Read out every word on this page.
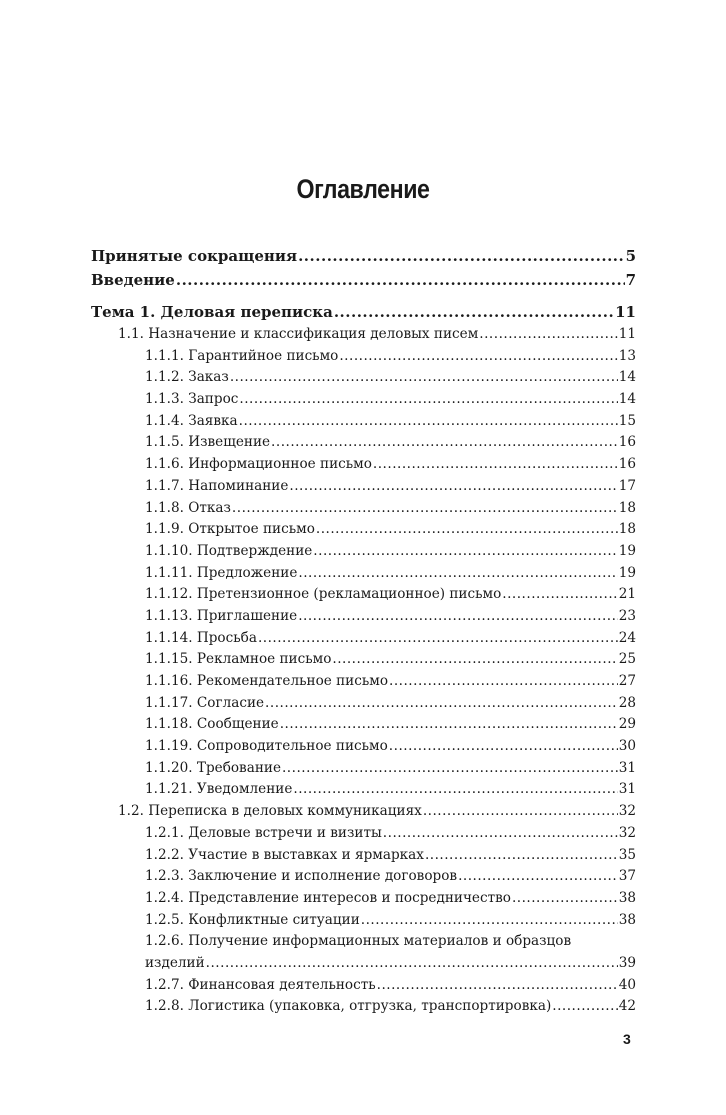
Оглавление
Принятые сокращения .....	5
Введение .....	7
Тема 1. Деловая переписка .....	11
1.1. Назначение и классификация деловых писем .....	11
1.1.1. Гарантийное письмо .....	13
1.1.2. Заказ .....	14
1.1.3. Запрос .....	14
1.1.4. Заявка .....	15
1.1.5. Извещение .....	16
1.1.6. Информационное письмо .....	16
1.1.7. Напоминание .....	17
1.1.8. Отказ .....	18
1.1.9. Открытое письмо .....	18
1.1.10. Подтверждение .....	19
1.1.11. Предложение .....	19
1.1.12. Претензионное (рекламационное) письмо .....	21
1.1.13. Приглашение .....	23
1.1.14. Просьба .....	24
1.1.15. Рекламное письмо .....	25
1.1.16. Рекомендательное письмо .....	27
1.1.17. Согласие .....	28
1.1.18. Сообщение .....	29
1.1.19. Сопроводительное письмо .....	30
1.1.20. Требование .....	31
1.1.21. Уведомление .....	31
1.2. Переписка в деловых коммуникациях .....	32
1.2.1. Деловые встречи и визиты .....	32
1.2.2. Участие в выставках и ярмарках .....	35
1.2.3. Заключение и исполнение договоров .....	37
1.2.4. Представление интересов и посредничество .....	38
1.2.5. Конфликтные ситуации .....	38
1.2.6. Получение информационных материалов и образцов
изделий .....	39
1.2.7. Финансовая деятельность .....	40
1.2.8. Логистика (упаковка, отгрузка, транспортировка) .....	42
3
